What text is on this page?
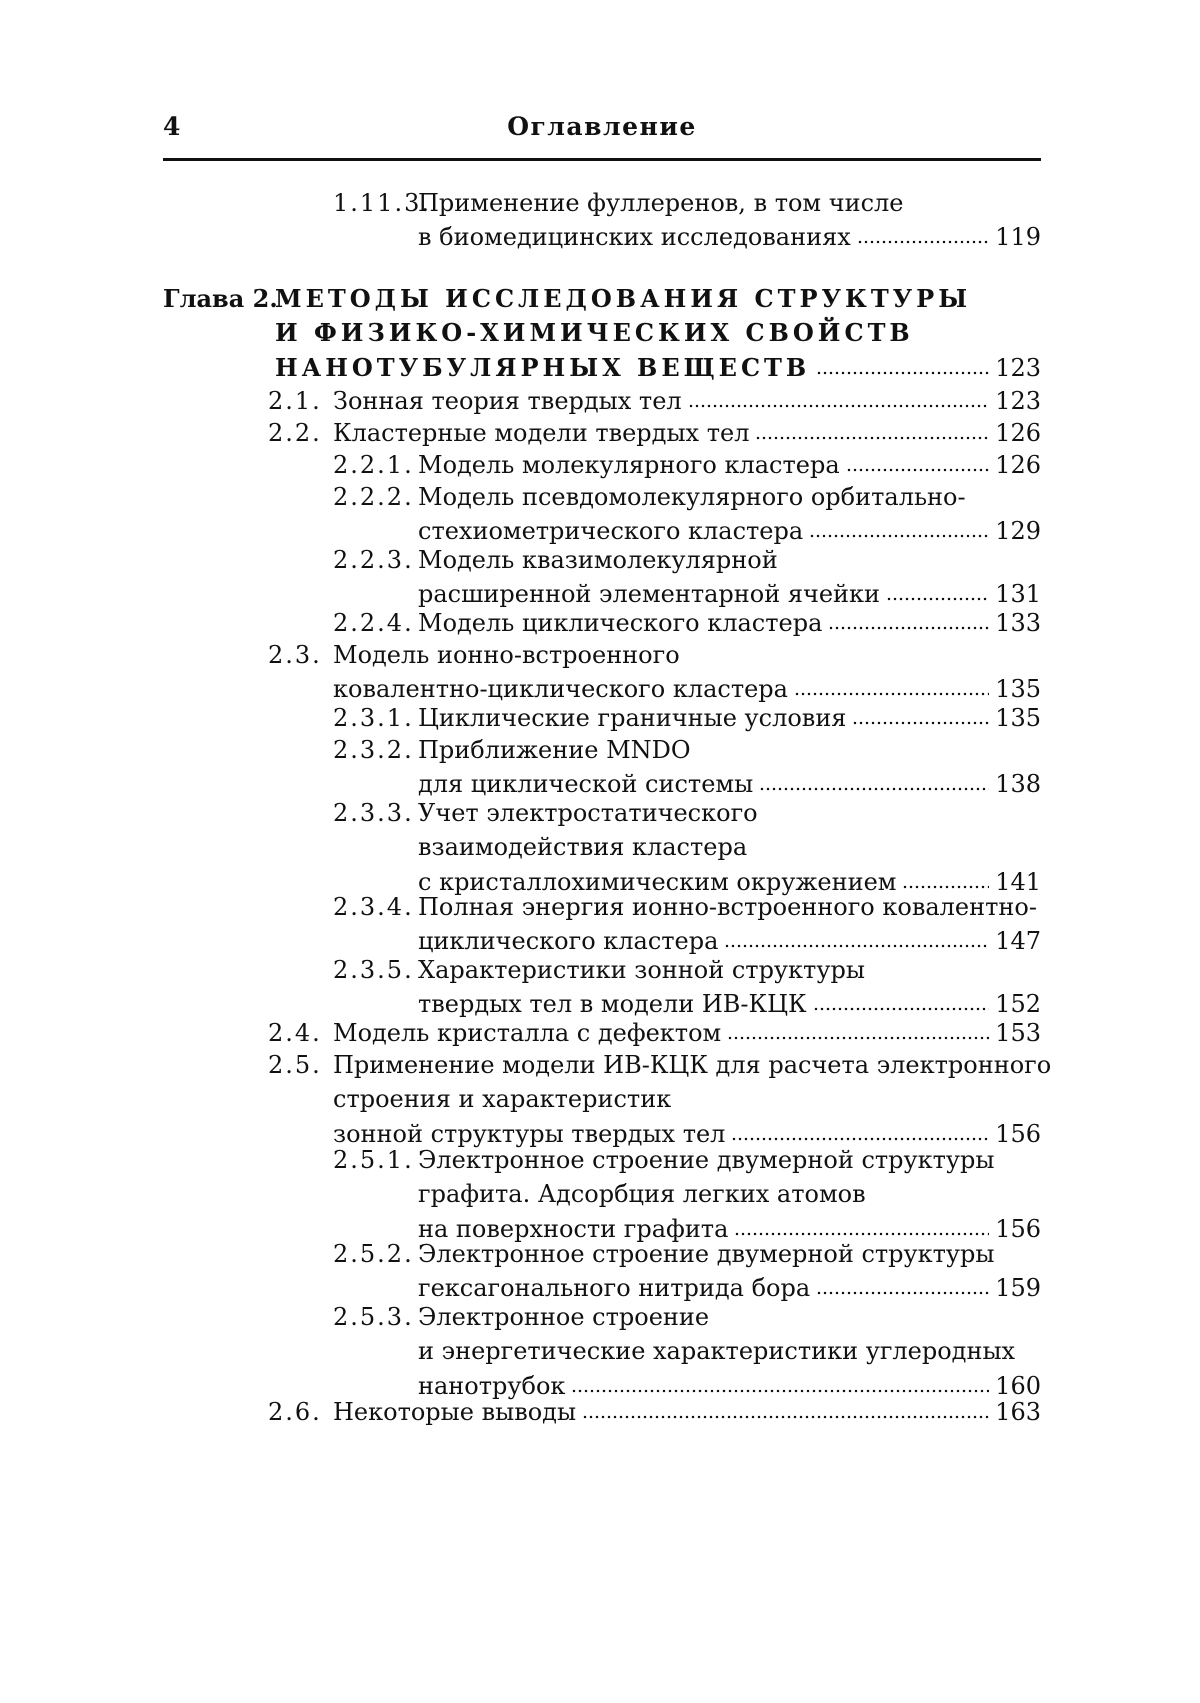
4	Оглавление
1.11.3.
Применение фуллеренов, в том числе
в биомедицинских исследованиях	119
Глава 2.
МЕТОДЫ ИССЛЕДОВАНИЯ СТРУКТУРЫ
И ФИЗИКО-ХИМИЧЕСКИХ СВОЙСТВ
НАНОТУБУЛЯРНЫХ ВЕЩЕСТВ	123
2.1. Зонная теория твердых тел	123
2.2. Кластерные модели твердых тел	126
2.2.1. Модель молекулярного кластера	126
2.2.2. Модель псевдомолекулярного орбитально-
стехиометрического кластера	129
2.2.3. Модель квазимолекулярной
расширенной элементарной ячейки	131
2.2.4. Модель циклического кластера	133
2.3. Модель ионно-встроенного
ковалентно-циклического кластера	135
2.3.1. Циклические граничные условия	135
2.3.2. Приближение MNDO
для циклической системы	138
2.3.3. Учет электростатического
взаимодействия кластера
с кристаллохимическим окружением	141
2.3.4. Полная энергия ионно-встроенного ковалентно-
циклического кластера	147
2.3.5. Характеристики зонной структуры
твердых тел в модели ИВ-КЦК	152
2.4. Модель кристалла с дефектом	153
2.5. Применение модели ИВ-КЦК для расчета электронного
строения и характеристик
зонной структуры твердых тел	156
2.5.1. Электронное строение двумерной структуры
графита. Адсорбция легких атомов
на поверхности графита	156
2.5.2. Электронное строение двумерной структуры
гексагонального нитрида бора	159
2.5.3. Электронное строение
и энергетические характеристики углеродных
нанотрубок	160
2.6. Некоторые выводы	163
